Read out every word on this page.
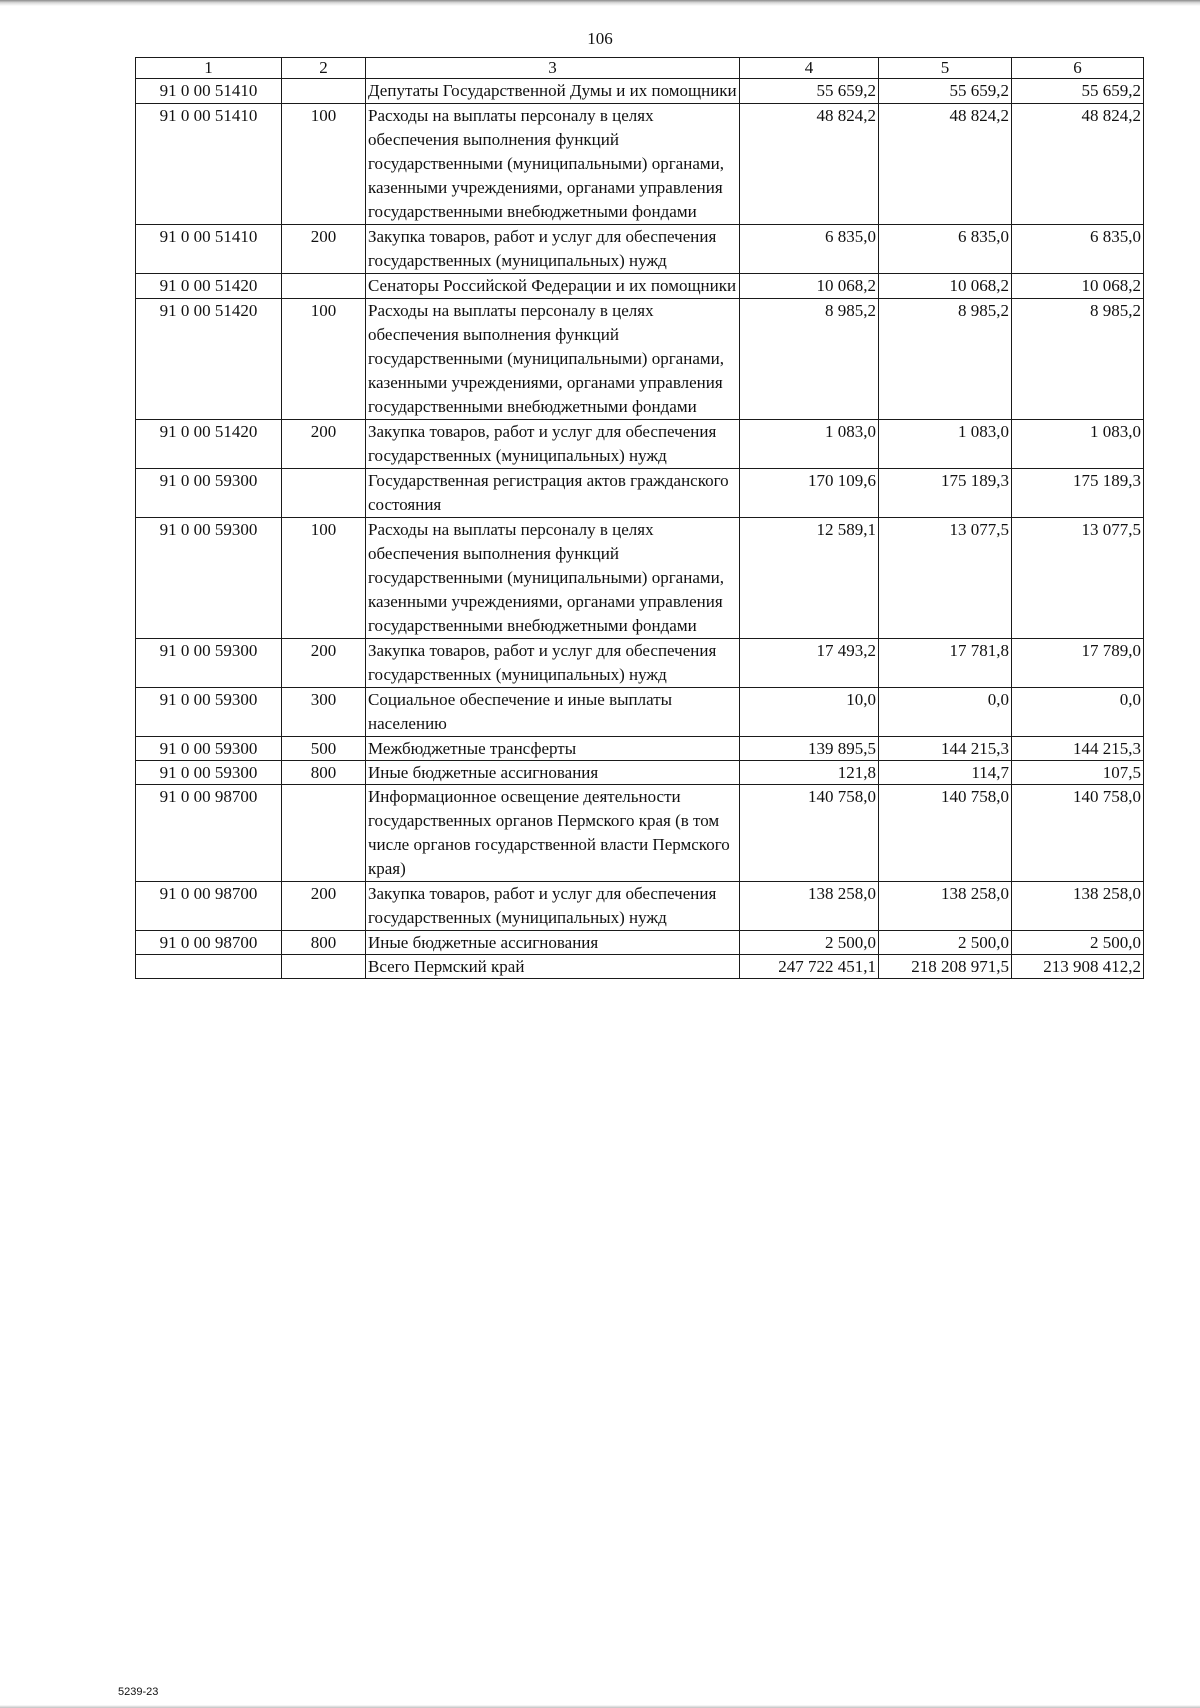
106
1	2	3	4	5	6
91 0 00 51410		Депутаты Государственной Думы и их помощники	55 659,2	55 659,2	55 659,2
91 0 00 51410	100	Расходы на выплаты персоналу в целях обеспечения выполнения функций государственными (муниципальными) органами, казенными учреждениями, органами управления государственными внебюджетными фондами	48 824,2	48 824,2	48 824,2
91 0 00 51410	200	Закупка товаров, работ и услуг для обеспечения государственных (муниципальных) нужд	6 835,0	6 835,0	6 835,0
91 0 00 51420		Сенаторы Российской Федерации и их помощники	10 068,2	10 068,2	10 068,2
91 0 00 51420	100	Расходы на выплаты персоналу в целях обеспечения выполнения функций государственными (муниципальными) органами, казенными учреждениями, органами управления государственными внебюджетными фондами	8 985,2	8 985,2	8 985,2
91 0 00 51420	200	Закупка товаров, работ и услуг для обеспечения государственных (муниципальных) нужд	1 083,0	1 083,0	1 083,0
91 0 00 59300		Государственная регистрация актов гражданского состояния	170 109,6	175 189,3	175 189,3
91 0 00 59300	100	Расходы на выплаты персоналу в целях обеспечения выполнения функций государственными (муниципальными) органами, казенными учреждениями, органами управления государственными внебюджетными фондами	12 589,1	13 077,5	13 077,5
91 0 00 59300	200	Закупка товаров, работ и услуг для обеспечения государственных (муниципальных) нужд	17 493,2	17 781,8	17 789,0
91 0 00 59300	300	Социальное обеспечение и иные выплаты населению	10,0	0,0	0,0
91 0 00 59300	500	Межбюджетные трансферты	139 895,5	144 215,3	144 215,3
91 0 00 59300	800	Иные бюджетные ассигнования	121,8	114,7	107,5
91 0 00 98700		Информационное освещение деятельности государственных органов Пермского края (в том числе органов государственной власти Пермского края)	140 758,0	140 758,0	140 758,0
91 0 00 98700	200	Закупка товаров, работ и услуг для обеспечения государственных (муниципальных) нужд	138 258,0	138 258,0	138 258,0
91 0 00 98700	800	Иные бюджетные ассигнования	2 500,0	2 500,0	2 500,0
		Всего Пермский край	247 722 451,1	218 208 971,5	213 908 412,2
5239-23
